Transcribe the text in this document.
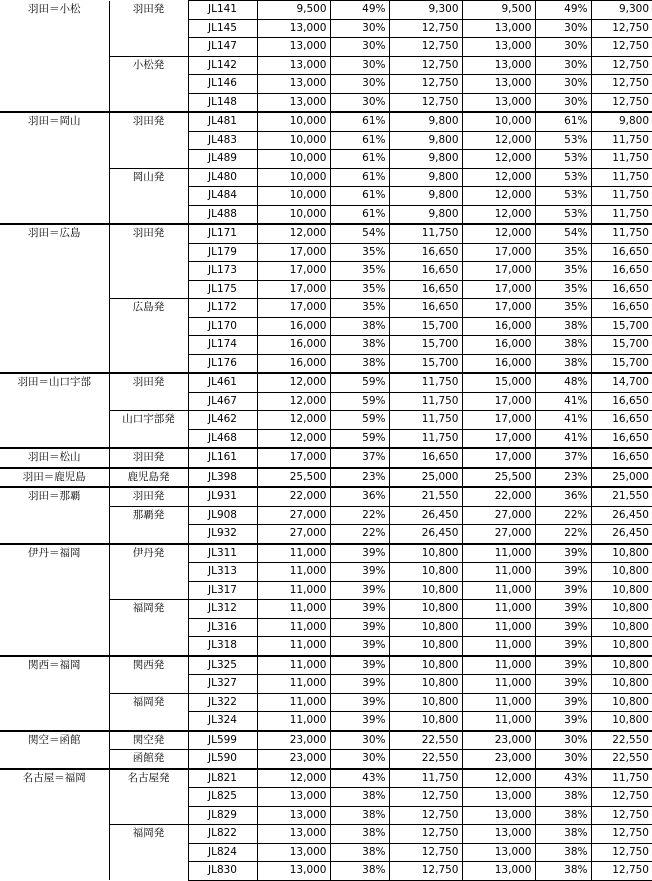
羽田＝小松	羽田発	JL141	9,500	49%	9,300	9,500	49%	9,300
		JL145	13,000	30%	12,750	13,000	30%	12,750
		JL147	13,000	30%	12,750	13,000	30%	12,750
	小松発	JL142	13,000	30%	12,750	13,000	30%	12,750
		JL146	13,000	30%	12,750	13,000	30%	12,750
		JL148	13,000	30%	12,750	13,000	30%	12,750
羽田＝岡山	羽田発	JL481	10,000	61%	9,800	10,000	61%	9,800
		JL483	10,000	61%	9,800	12,000	53%	11,750
		JL489	10,000	61%	9,800	12,000	53%	11,750
	岡山発	JL480	10,000	61%	9,800	12,000	53%	11,750
		JL484	10,000	61%	9,800	12,000	53%	11,750
		JL488	10,000	61%	9,800	12,000	53%	11,750
羽田＝広島	羽田発	JL171	12,000	54%	11,750	12,000	54%	11,750
		JL179	17,000	35%	16,650	17,000	35%	16,650
		JL173	17,000	35%	16,650	17,000	35%	16,650
		JL175	17,000	35%	16,650	17,000	35%	16,650
	広島発	JL172	17,000	35%	16,650	17,000	35%	16,650
		JL170	16,000	38%	15,700	16,000	38%	15,700
		JL174	16,000	38%	15,700	16,000	38%	15,700
		JL176	16,000	38%	15,700	16,000	38%	15,700
羽田＝山口宇部	羽田発	JL461	12,000	59%	11,750	15,000	48%	14,700
		JL467	12,000	59%	11,750	17,000	41%	16,650
	山口宇部発	JL462	12,000	59%	11,750	17,000	41%	16,650
		JL468	12,000	59%	11,750	17,000	41%	16,650
羽田＝松山	羽田発	JL161	17,000	37%	16,650	17,000	37%	16,650
羽田＝鹿児島	鹿児島発	JL398	25,500	23%	25,000	25,500	23%	25,000
羽田＝那覇	羽田発	JL931	22,000	36%	21,550	22,000	36%	21,550
	那覇発	JL908	27,000	22%	26,450	27,000	22%	26,450
		JL932	27,000	22%	26,450	27,000	22%	26,450
伊丹＝福岡	伊丹発	JL311	11,000	39%	10,800	11,000	39%	10,800
		JL313	11,000	39%	10,800	11,000	39%	10,800
		JL317	11,000	39%	10,800	11,000	39%	10,800
	福岡発	JL312	11,000	39%	10,800	11,000	39%	10,800
		JL316	11,000	39%	10,800	11,000	39%	10,800
		JL318	11,000	39%	10,800	11,000	39%	10,800
関西＝福岡	関西発	JL325	11,000	39%	10,800	11,000	39%	10,800
		JL327	11,000	39%	10,800	11,000	39%	10,800
	福岡発	JL322	11,000	39%	10,800	11,000	39%	10,800
		JL324	11,000	39%	10,800	11,000	39%	10,800
関空＝函館	関空発	JL599	23,000	30%	22,550	23,000	30%	22,550
	函館発	JL590	23,000	30%	22,550	23,000	30%	22,550
名古屋＝福岡	名古屋発	JL821	12,000	43%	11,750	12,000	43%	11,750
		JL825	13,000	38%	12,750	13,000	38%	12,750
		JL829	13,000	38%	12,750	13,000	38%	12,750
	福岡発	JL822	13,000	38%	12,750	13,000	38%	12,750
		JL824	13,000	38%	12,750	13,000	38%	12,750
		JL830	13,000	38%	12,750	13,000	38%	12,750
